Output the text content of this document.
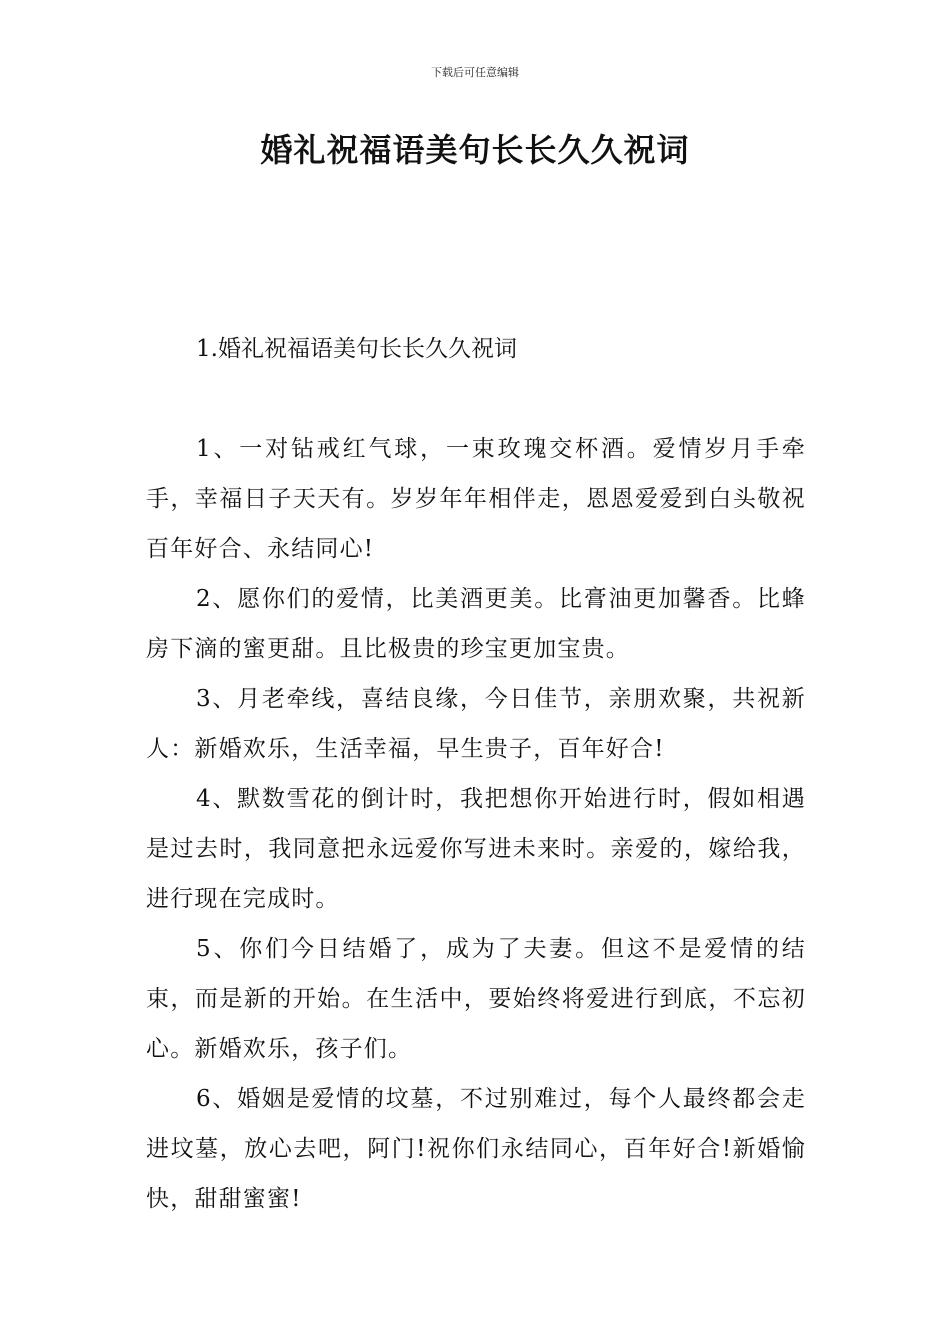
下载后可任意编辑
婚礼祝福语美句长长久久祝词
1.婚礼祝福语美句长长久久祝词

1、一对钻戒红气球，一束玫瑰交杯酒。爱情岁月手牵手，幸福日子天天有。岁岁年年相伴走，恩恩爱爱到白头敬祝百年好合、永结同心!

2、愿你们的爱情，比美酒更美。比膏油更加馨香。比蜂房下滴的蜜更甜。且比极贵的珍宝更加宝贵。

3、月老牵线，喜结良缘，今日佳节，亲朋欢聚，共祝新人：新婚欢乐，生活幸福，早生贵子，百年好合!

4、默数雪花的倒计时，我把想你开始进行时，假如相遇是过去时，我同意把永远爱你写进未来时。亲爱的，嫁给我，进行现在完成时。

5、你们今日结婚了，成为了夫妻。但这不是爱情的结束，而是新的开始。在生活中，要始终将爱进行到底，不忘初心。新婚欢乐，孩子们。

6、婚姻是爱情的坟墓，不过别难过，每个人最终都会走进坟墓，放心去吧，阿门!祝你们永结同心，百年好合!新婚愉快，甜甜蜜蜜!
